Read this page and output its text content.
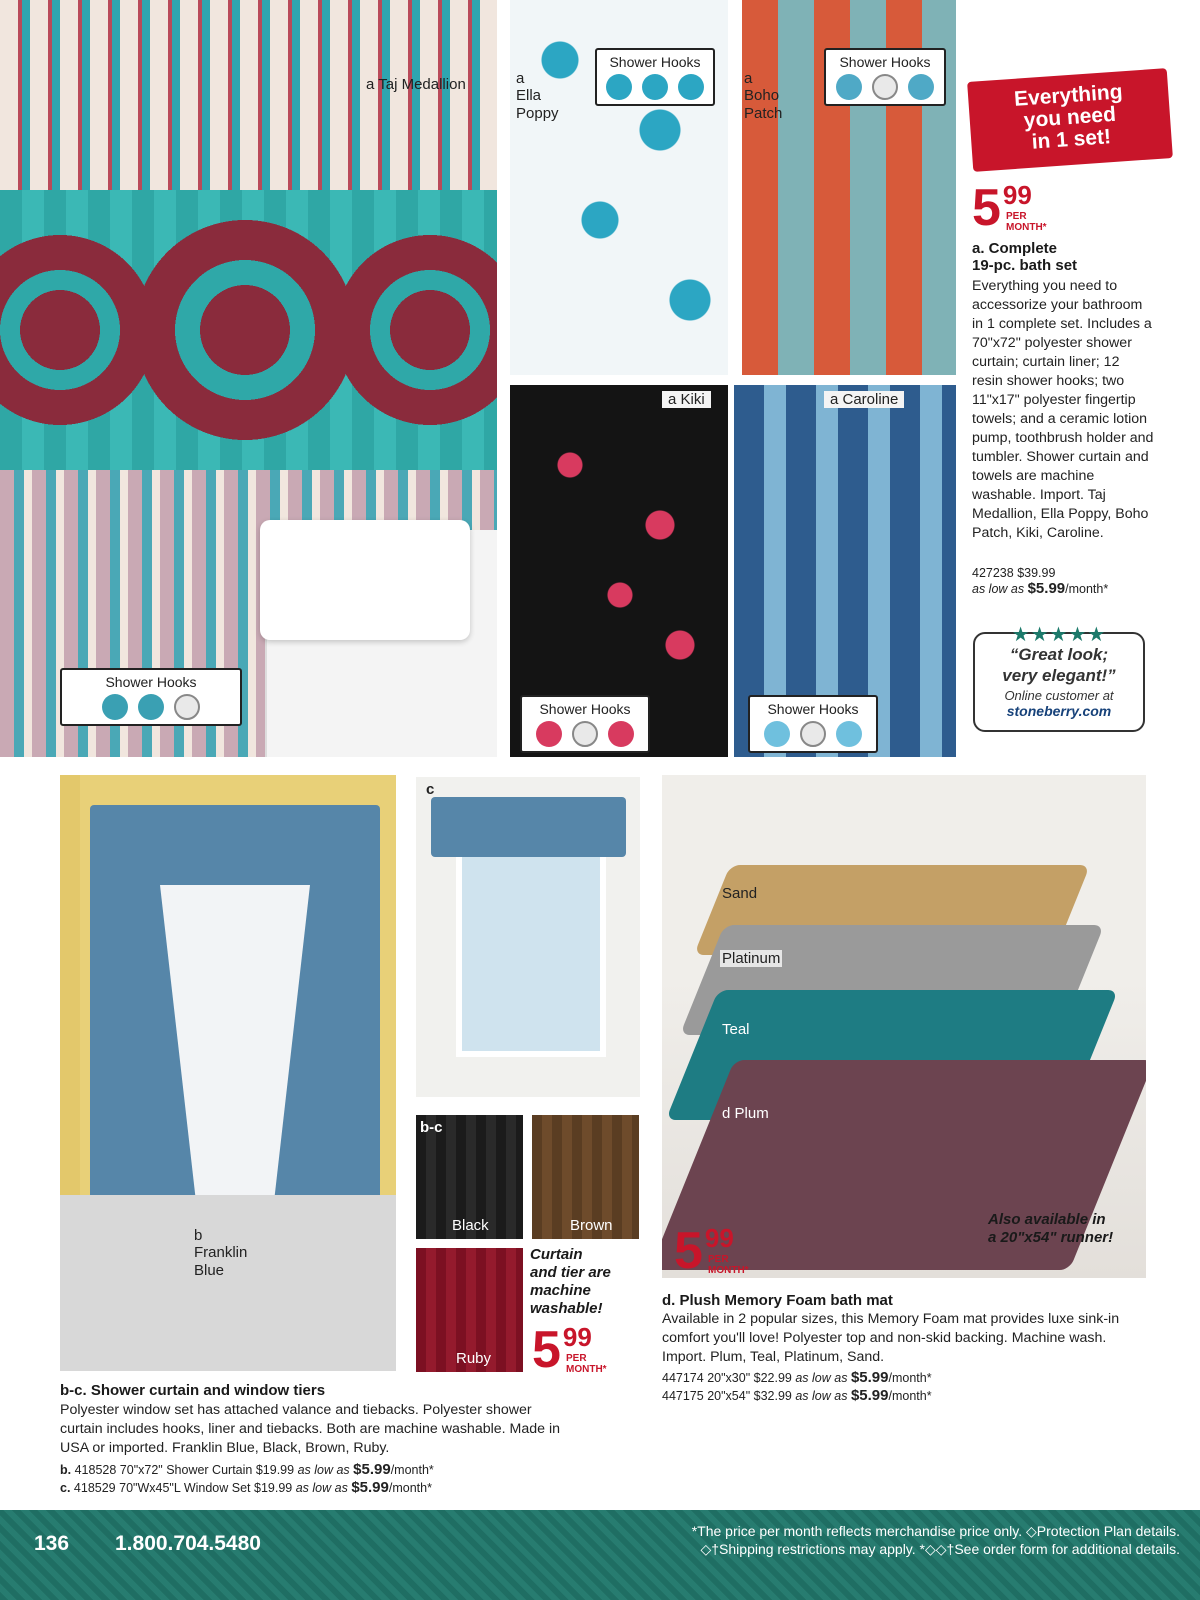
a Taj Medallion
Shower Hooks
a
Ella
Poppy
Shower Hooks
a
Boho
Patch
Shower Hooks
a Kiki
Shower Hooks
a Caroline
Shower Hooks
Everything
you need
in 1 set!
5 99
PER
MONTH*
a. Complete
19-pc. bath set
Everything you need to accessorize your bathroom in 1 complete set. Includes a 70"x72" polyester shower curtain; curtain liner; 12 resin shower hooks; two 11"x17" polyester fingertip towels; and a ceramic lotion pump, toothbrush holder and tumbler. Shower curtain and towels are machine washable. Import. Taj Medallion, Ella Poppy, Boho Patch, Kiki, Caroline.
427238 $39.99
as low as $5.99/month*
★★★★★
“Great look;
very elegant!”
Online customer at
stoneberry.com
b
Franklin
Blue
c
b-c
Black	Brown
Ruby
Curtain
and tier are
machine
washable!
5 99
PER
MONTH*
Sand
Platinum
Teal
d Plum
Also available in
a 20"x54" runner!
5 99
PER
MONTH*
b-c. Shower curtain and window tiers
Polyester window set has attached valance and tiebacks. Polyester shower curtain includes hooks, liner and tiebacks. Both are machine washable. Made in USA or imported. Franklin Blue, Black, Brown, Ruby.
b. 418528 70"x72" Shower Curtain $19.99 as low as $5.99/month*
c. 418529 70"Wx45"L Window Set $19.99 as low as $5.99/month*
d. Plush Memory Foam bath mat
Available in 2 popular sizes, this Memory Foam mat provides luxe sink-in comfort you'll love! Polyester top and non-skid backing. Machine wash. Import. Plum, Teal, Platinum, Sand.
447174 20"x30" $22.99 as low as $5.99/month*
447175 20"x54" $32.99 as low as $5.99/month*
136 1.800.704.5480
*The price per month reflects merchandise price only. ◇Protection Plan details.
◇†Shipping restrictions may apply. *◇◇†See order form for additional details.
